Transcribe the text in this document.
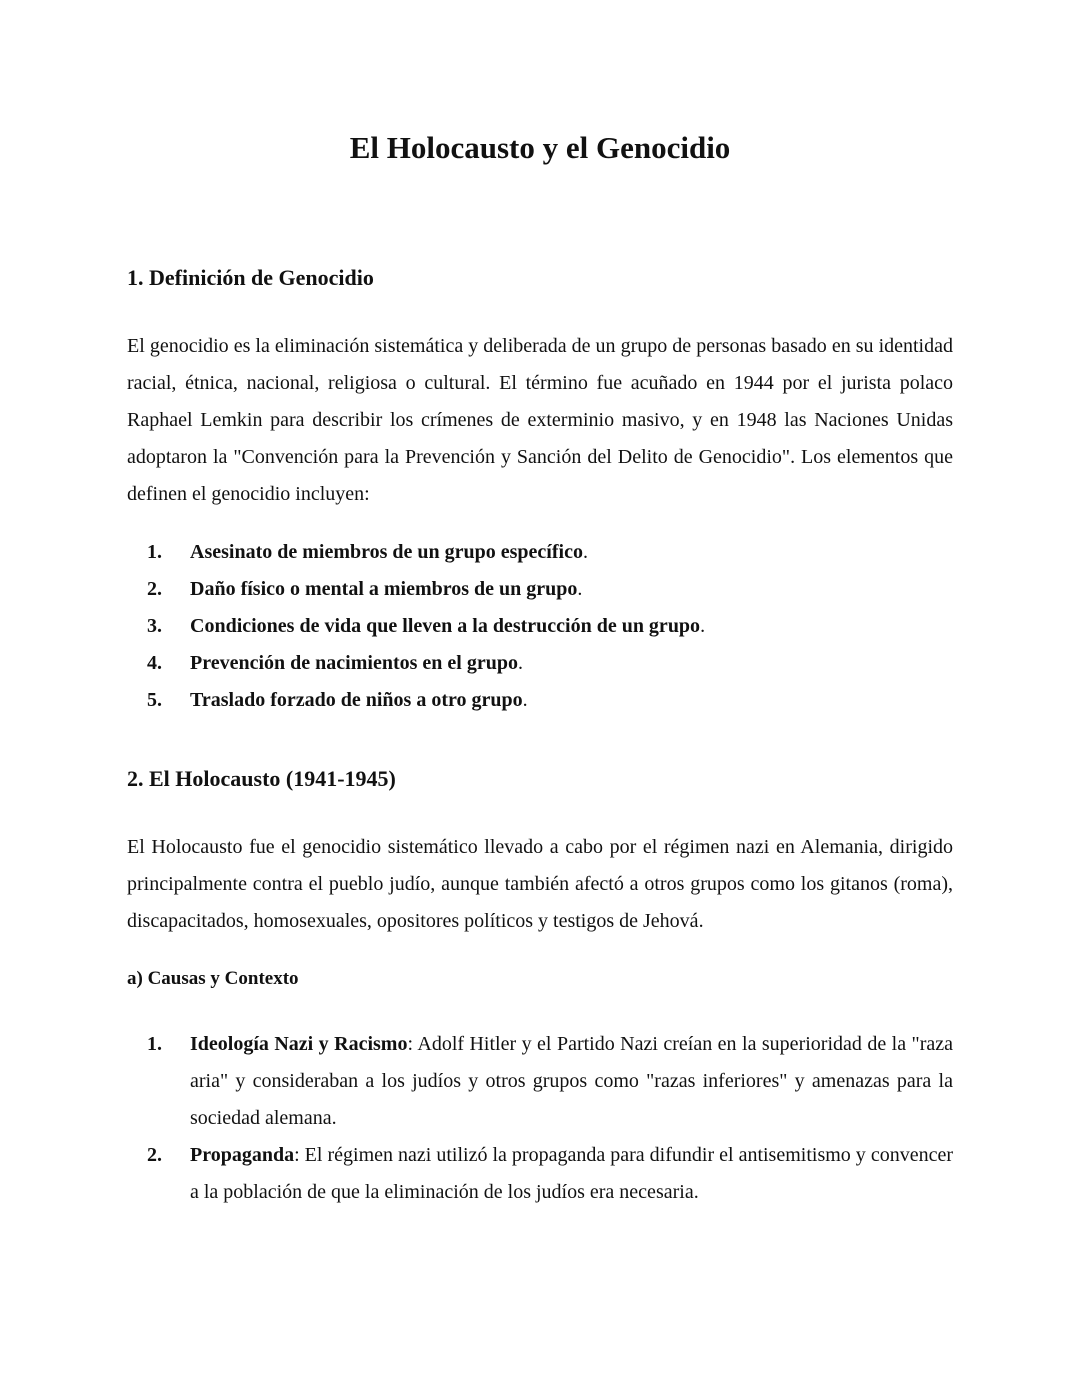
El Holocausto y el Genocidio
1. Definición de Genocidio
El genocidio es la eliminación sistemática y deliberada de un grupo de personas basado en su identidad racial, étnica, nacional, religiosa o cultural. El término fue acuñado en 1944 por el jurista polaco Raphael Lemkin para describir los crímenes de exterminio masivo, y en 1948 las Naciones Unidas adoptaron la "Convención para la Prevención y Sanción del Delito de Genocidio". Los elementos que definen el genocidio incluyen:
1.	Asesinato de miembros de un grupo específico.
2.	Daño físico o mental a miembros de un grupo.
3.	Condiciones de vida que lleven a la destrucción de un grupo.
4.	Prevención de nacimientos en el grupo.
5.	Traslado forzado de niños a otro grupo.
2. El Holocausto (1941-1945)
El Holocausto fue el genocidio sistemático llevado a cabo por el régimen nazi en Alemania, dirigido principalmente contra el pueblo judío, aunque también afectó a otros grupos como los gitanos (roma), discapacitados, homosexuales, opositores políticos y testigos de Jehová.
a) Causas y Contexto
1.	Ideología Nazi y Racismo: Adolf Hitler y el Partido Nazi creían en la superioridad de la "raza aria" y consideraban a los judíos y otros grupos como "razas inferiores" y amenazas para la sociedad alemana.
2.	Propaganda: El régimen nazi utilizó la propaganda para difundir el antisemitismo y convencer a la población de que la eliminación de los judíos era necesaria.
